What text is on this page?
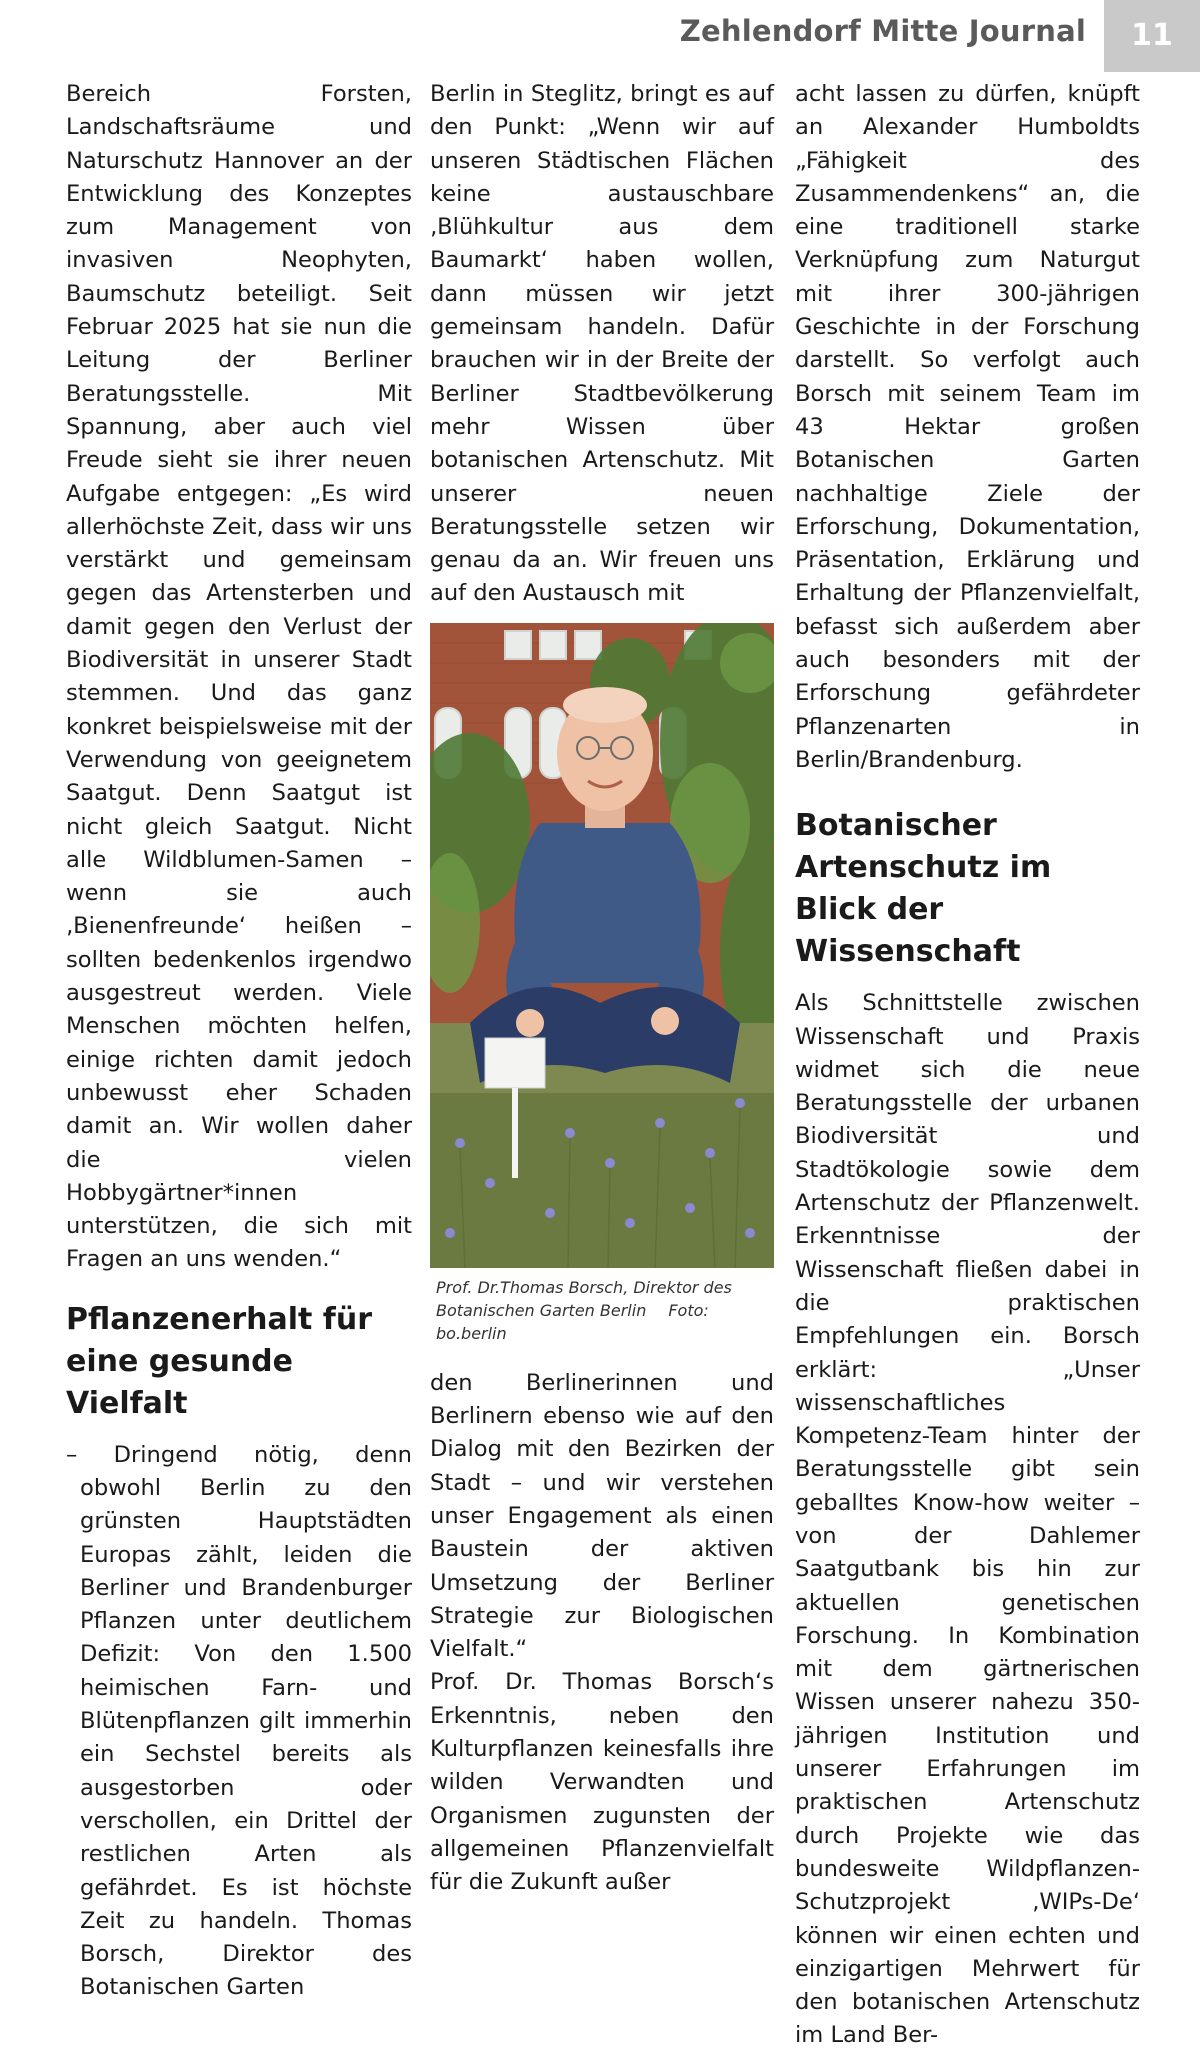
Zehlendorf Mitte Journal	11

Bereich Forsten, Landschaftsräume und Naturschutz Hannover an der Entwicklung des Konzeptes zum Management von invasiven Neophyten, Baumschutz beteiligt. Seit Februar 2025 hat sie nun die Leitung der Berliner Beratungsstelle. Mit Spannung, aber auch viel Freude sieht sie ihrer neuen Aufgabe entgegen: „Es wird allerhöchste Zeit, dass wir uns verstärkt und gemeinsam gegen das Artensterben und damit gegen den Verlust der Biodiversität in unserer Stadt stemmen. Und das ganz konkret beispielsweise mit der Verwendung von geeignetem Saatgut. Denn Saatgut ist nicht gleich Saatgut. Nicht alle Wildblumen-Samen – wenn sie auch ‚Bienenfreunde‘ heißen – sollten bedenkenlos irgendwo ausgestreut werden. Viele Menschen möchten helfen, einige richten damit jedoch unbewusst eher Schaden damit an. Wir wollen daher die vielen Hobbygärtner*innen unterstützen, die sich mit Fragen an uns wenden.“

Pflanzenerhalt für eine gesunde Vielfalt

– Dringend nötig, denn obwohl Berlin zu den grünsten Hauptstädten Europas zählt, leiden die Berliner und Brandenburger Pflanzen unter deutlichem Defizit: Von den 1.500 heimischen Farn- und Blütenpflanzen gilt immerhin ein Sechstel bereits als ausgestorben oder verschollen, ein Drittel der restlichen Arten als gefährdet. Es ist höchste Zeit zu handeln. Thomas Borsch, Direktor des Botanischen Garten

Berlin in Steglitz, bringt es auf den Punkt: „Wenn wir auf unseren Städtischen Flächen keine austauschbare ‚Blühkultur aus dem Baumarkt‘ haben wollen, dann müssen wir jetzt gemeinsam handeln. Dafür brauchen wir in der Breite der Berliner Stadtbevölkerung mehr Wissen über botanischen Artenschutz. Mit unserer neuen Beratungsstelle setzen wir genau da an. Wir freuen uns auf den Austausch mit

Prof. Dr.Thomas Borsch, Direktor des Botanischen Garten Berlin Foto: bo.berlin

den Berlinerinnen und Berlinern ebenso wie auf den Dialog mit den Bezirken der Stadt – und wir verstehen unser Engagement als einen Baustein der aktiven Umsetzung der Berliner Strategie zur Biologischen Vielfalt.“

Prof. Dr. Thomas Borsch‘s Erkenntnis, neben den Kulturpflanzen keinesfalls ihre wilden Verwandten und Organismen zugunsten der allgemeinen Pflanzenvielfalt für die Zukunft außer

acht lassen zu dürfen, knüpft an Alexander Humboldts „Fähigkeit des Zusammendenkens“ an, die eine traditionell starke Verknüpfung zum Naturgut mit ihrer 300-jährigen Geschichte in der Forschung darstellt. So verfolgt auch Borsch mit seinem Team im 43 Hektar großen Botanischen Garten nachhaltige Ziele der Erforschung, Dokumentation, Präsentation, Erklärung und Erhaltung der Pflanzenvielfalt, befasst sich außerdem aber auch besonders mit der Erforschung gefährdeter Pflanzenarten in Berlin/Brandenburg.

Botanischer Artenschutz im Blick der Wissenschaft

Als Schnittstelle zwischen Wissenschaft und Praxis widmet sich die neue Beratungsstelle der urbanen Biodiversität und Stadtökologie sowie dem Artenschutz der Pflanzenwelt. Erkenntnisse der Wissenschaft fließen dabei in die praktischen Empfehlungen ein. Borsch erklärt: „Unser wissenschaftliches Kompetenz-Team hinter der Beratungsstelle gibt sein geballtes Know-how weiter – von der Dahlemer Saatgutbank bis hin zur aktuellen genetischen Forschung. In Kombination mit dem gärtnerischen Wissen unserer nahezu 350-jährigen Institution und unserer Erfahrungen im praktischen Artenschutz durch Projekte wie das bundesweite Wildpflanzen-Schutzprojekt ‚WIPs-De‘ können wir einen echten und einzigartigen Mehrwert für den botanischen Artenschutz im Land Ber-
